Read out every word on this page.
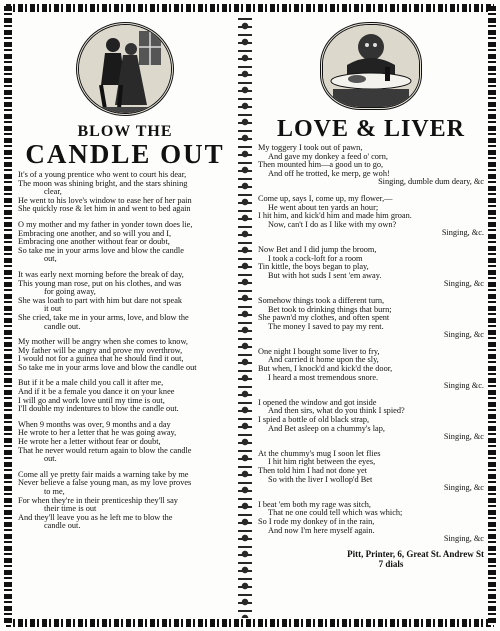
BLOW THE
CANDLE OUT
It's of a young prentice who went to court his dear,
The moon was shining bright, and the stars shining
clear,
He went to his love's window to ease her of her pain
She quickly rose & let him in and went to bed again
O my mother and my father in yonder town does lie,
Embracing one another, and so will you and I,
Embracing one another without fear or doubt,
So take me in your arms love and blow the candle
out,
It was early next morning before the break of day,
This young man rose, put on his clothes, and was
for going away,
She was loath to part with him but dare not speak
it out
She cried, take me in your arms, love, and blow the
candle out.
My mother will be angry when she comes to know,
My father will be angry and prove my overthrow,
I would not for a guinea that he should find it out,
So take me in your arms love and blow the candle out
But if it be a male child you call it after me,
And if it be a female you dance it on your knee
I will go and work love until my time is out,
I'll double my indentures to blow the candle out.
When 9 months was over, 9 months and a day
He wrote to her a letter that he was going away,
He wrote her a letter without fear or doubt,
That he never would return again to blow the candle
out.
Come all ye pretty fair maids a warning take by me
Never believe a false young man, as my love proves
to me,
For when they're in their prenticeship they'll say
their time is out
And they'll leave you as he left me to blow the
candle out.
LOVE & LIVER
My toggery I took out of pawn,
And gave my donkey a feed o' corn,
Then mounted him—a good un to go,
And off he trotted, ke merp, ge woh!
Singing, dumble dum deary, &c
Come up, says I, come up, my flower,—
He went about ten yards an hour;
I hit him, and kick'd him and made him groan.
Now, can't I do as I like with my own?
Singing, &c.
Now Bet and I did jump the broom,
I took a cock-loft for a room
Tin kittle, the boys began to play,
But with hot suds I sent 'em away.
Singing, &c
Somehow things took a different turn,
Bet took to drinking things that burn;
She pawn'd my clothes, and often spent
The money I saved to pay my rent.
Singing, &c
One night I bought some liver to fry,
And carried it home upon the sly,
But when, I knock'd and kick'd the door,
I heard a most tremendous snore.
Singing &c.
I opened the window and got inside
And then sirs, what do you think I spied?
I spied a bottle of old black strap,
And Bet asleep on a chummy's lap,
Singing, &c
At the chummy's mug I soon let flies
I hit him right between the eyes,
Then told him I had not done yet
So with the liver I wollop'd Bet
Singing, &c
I beat 'em both my rage was sitch,
That ne one could tell which was which;
So I rode my donkey of in the rain,
And now I'm here myself again.
Singing, &c
Pitt, Printer, 6, Great St. Andrew St
7 dials
